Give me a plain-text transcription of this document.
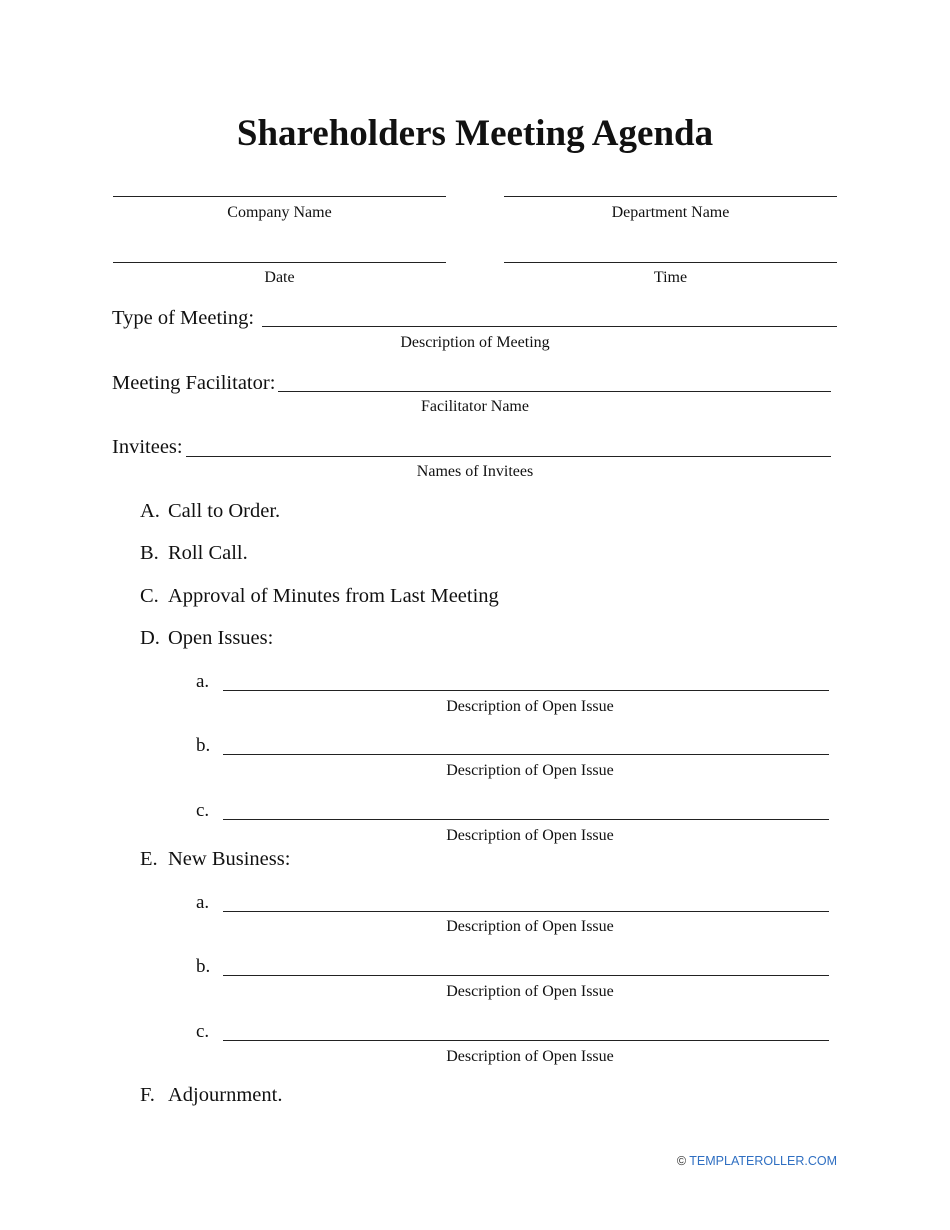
Shareholders Meeting Agenda
Company Name	Department Name
Date	Time
Type of Meeting:
Description of Meeting
Meeting Facilitator:
Facilitator Name
Invitees:
Names of Invitees
A. Call to Order.
B. Roll Call.
C. Approval of Minutes from Last Meeting
D. Open Issues:
a.
Description of Open Issue
b.
Description of Open Issue
c.
Description of Open Issue
E. New Business:
a.
Description of Open Issue
b.
Description of Open Issue
c.
Description of Open Issue
F. Adjournment.
© TEMPLATEROLLER.COM
